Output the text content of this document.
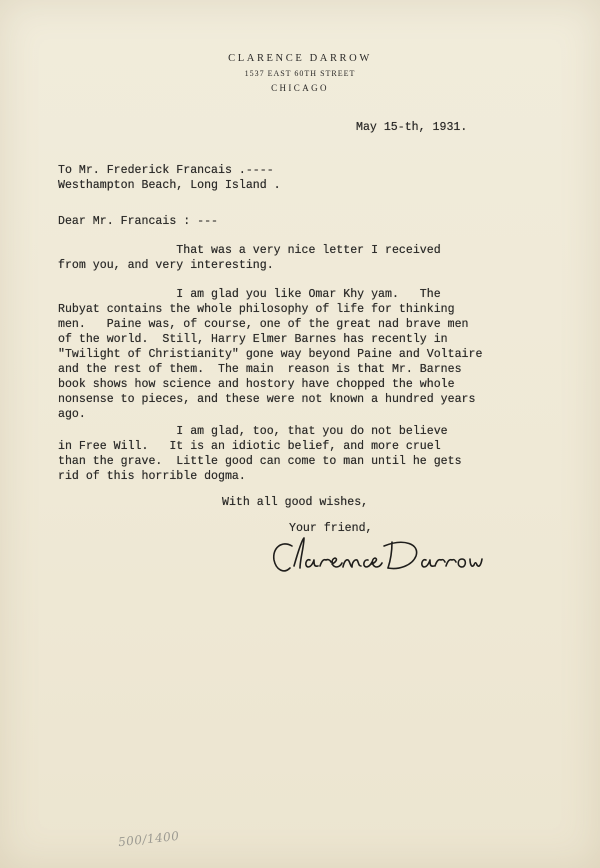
CLARENCE DARROW
1537 EAST 60TH STREET
CHICAGO
May 15-th, 1931.
To Mr. Frederick Francais .----
Westhampton Beach, Long Island .
Dear Mr. Francais : ---
That was a very nice letter I received
from you, and very interesting.
I am glad you like Omar Khy yam.   The
Rubyat contains the whole philosophy of life for thinking
men.   Paine was, of course, one of the great nad brave men
of the world.  Still, Harry Elmer Barnes has recently in
"Twilight of Christianity" gone way beyond Paine and Voltaire
and the rest of them.  The main  reason is that Mr. Barnes
book shows how science and hostory have chopped the whole
nonsense to pieces, and these were not known a hundred years
ago.
I am glad, too, that you do not believe
in Free Will.   It is an idiotic belief, and more cruel
than the grave.  Little good can come to man until he gets
rid of this horrible dogma.
With all good wishes,
Your friend,
500/1400
